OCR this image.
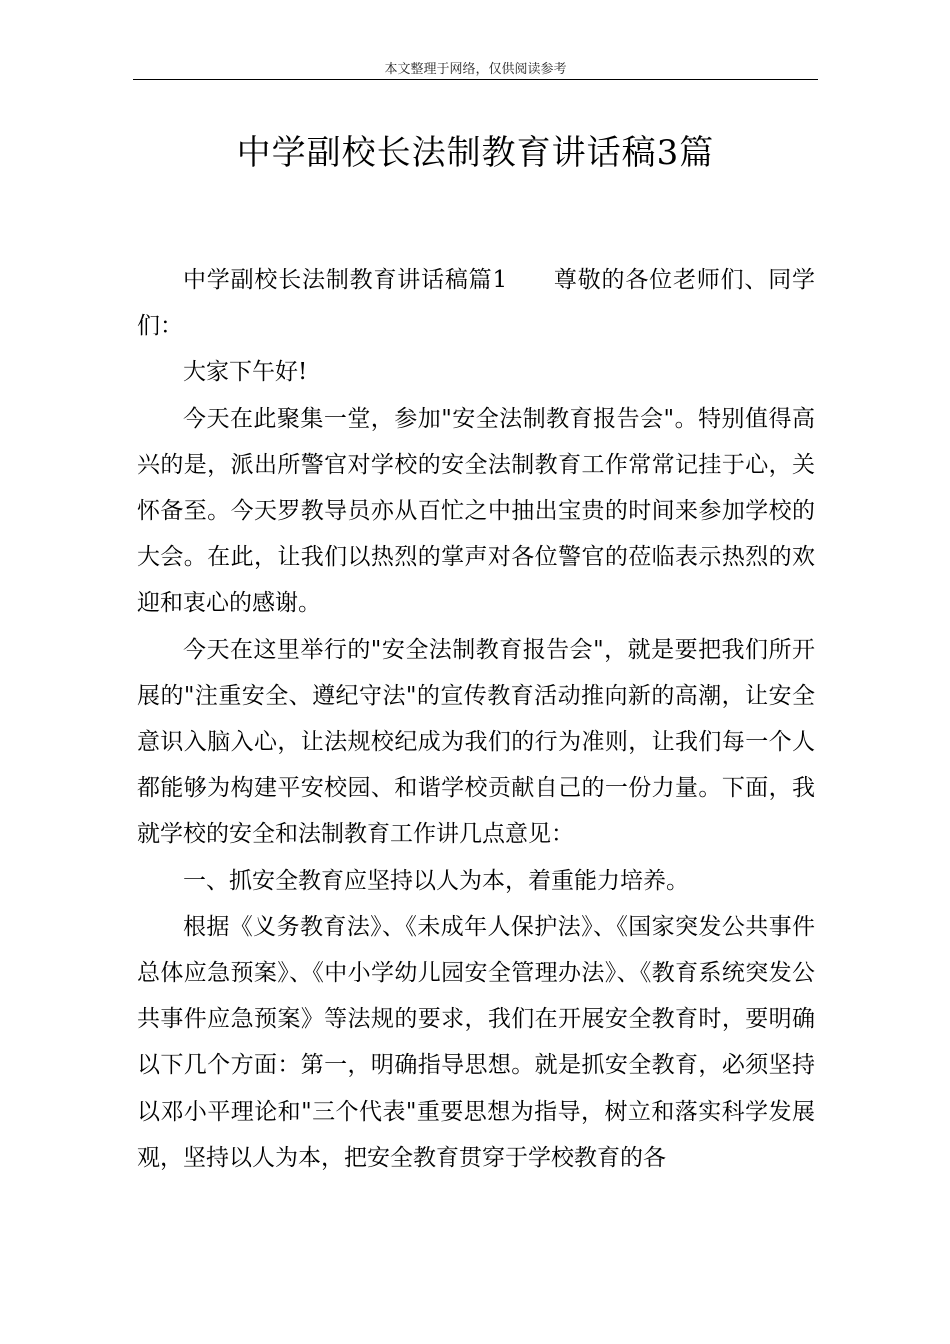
本文整理于网络，仅供阅读参考
中学副校长法制教育讲话稿3篇

中学副校长法制教育讲话稿篇1 尊敬的各位老师们、同学们：

大家下午好!

今天在此聚集一堂，参加"安全法制教育报告会"。特别值得高兴的是，派出所警官对学校的安全法制教育工作常常记挂于心，关怀备至。今天罗教导员亦从百忙之中抽出宝贵的时间来参加学校的大会。在此，让我们以热烈的掌声对各位警官的莅临表示热烈的欢迎和衷心的感谢。

今天在这里举行的"安全法制教育报告会"，就是要把我们所开展的"注重安全、遵纪守法"的宣传教育活动推向新的高潮，让安全意识入脑入心，让法规校纪成为我们的行为准则，让我们每一个人都能够为构建平安校园、和谐学校贡献自己的一份力量。下面，我就学校的安全和法制教育工作讲几点意见：

一、抓安全教育应坚持以人为本，着重能力培养。

根据《义务教育法》、《未成年人保护法》、《国家突发公共事件总体应急预案》、《中小学幼儿园安全管理办法》、《教育系统突发公共事件应急预案》等法规的要求，我们在开展安全教育时，要明确以下几个方面：第一，明确指导思想。就是抓安全教育，必须坚持以邓小平理论和"三个代表"重要思想为指导，树立和落实科学发展观，坚持以人为本，把安全教育贯穿于学校教育的各
